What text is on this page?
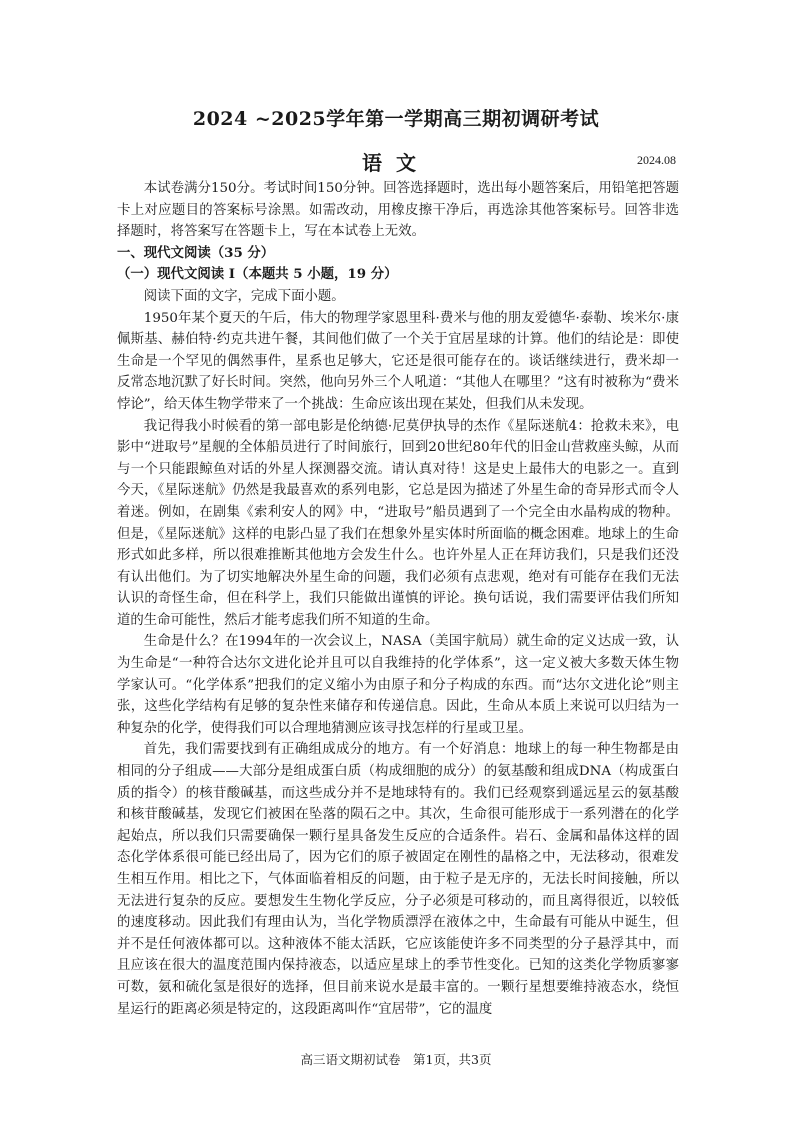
2024 ~2025学年第一学期高三期初调研考试
语文	2024.08

本试卷满分150分。考试时间150分钟。回答选择题时，选出每小题答案后，用铅笔把答题卡上对应题目的答案标号涂黑。如需改动，用橡皮擦干净后，再选涂其他答案标号。回答非选择题时，将答案写在答题卡上，写在本试卷上无效。

一、现代文阅读（35 分）
（一）现代文阅读 I（本题共 5 小题，19 分）

阅读下面的文字，完成下面小题。

1950年某个夏天的午后，伟大的物理学家恩里科·费米与他的朋友爱德华·泰勒、埃米尔·康佩斯基、赫伯特·约克共进午餐，其间他们做了一个关于宜居星球的计算。他们的结论是：即使生命是一个罕见的偶然事件，星系也足够大，它还是很可能存在的。谈话继续进行，费米却一反常态地沉默了好长时间。突然，他向另外三个人吼道：“其他人在哪里？”这有时被称为“费米悖论”，给天体生物学带来了一个挑战：生命应该出现在某处，但我们从未发现。

我记得我小时候看的第一部电影是伦纳德·尼莫伊执导的杰作《星际迷航4：抢救未来》，电影中“进取号”星舰的全体船员进行了时间旅行，回到20世纪80年代的旧金山营救座头鲸，从而与一个只能跟鲸鱼对话的外星人探测器交流。请认真对待！这是史上最伟大的电影之一。直到今天，《星际迷航》仍然是我最喜欢的系列电影，它总是因为描述了外星生命的奇异形式而令人着迷。例如，在剧集《索利安人的网》中，“进取号”船员遇到了一个完全由水晶构成的物种。但是，《星际迷航》这样的电影凸显了我们在想象外星实体时所面临的概念困难。地球上的生命形式如此多样，所以很难推断其他地方会发生什么。也许外星人正在拜访我们，只是我们还没有认出他们。为了切实地解决外星生命的问题，我们必须有点悲观，绝对有可能存在我们无法认识的奇怪生命，但在科学上，我们只能做出谨慎的评论。换句话说，我们需要评估我们所知道的生命可能性，然后才能考虑我们所不知道的生命。

生命是什么？在1994年的一次会议上，NASA（美国宇航局）就生命的定义达成一致，认为生命是“一种符合达尔文进化论并且可以自我维持的化学体系”，这一定义被大多数天体生物学家认可。“化学体系”把我们的定义缩小为由原子和分子构成的东西。而“达尔文进化论”则主张，这些化学结构有足够的复杂性来储存和传递信息。因此，生命从本质上来说可以归结为一种复杂的化学，使得我们可以合理地猜测应该寻找怎样的行星或卫星。

首先，我们需要找到有正确组成成分的地方。有一个好消息：地球上的每一种生物都是由相同的分子组成——大部分是组成蛋白质（构成细胞的成分）的氨基酸和组成DNA（构成蛋白质的指令）的核苷酸碱基，而这些成分并不是地球特有的。我们已经观察到遥远星云的氨基酸和核苷酸碱基，发现它们被困在坠落的陨石之中。其次，生命很可能形成于一系列潜在的化学起始点，所以我们只需要确保一颗行星具备发生反应的合适条件。岩石、金属和晶体这样的固态化学体系很可能已经出局了，因为它们的原子被固定在刚性的晶格之中，无法移动，很难发生相互作用。相比之下，气体面临着相反的问题，由于粒子是无序的，无法长时间接触，所以无法进行复杂的反应。要想发生生物化学反应，分子必须是可移动的，而且离得很近，以较低的速度移动。因此我们有理由认为，当化学物质漂浮在液体之中，生命最有可能从中诞生，但并不是任何液体都可以。这种液体不能太活跃，它应该能使许多不同类型的分子悬浮其中，而且应该在很大的温度范围内保持液态，以适应星球上的季节性变化。已知的这类化学物质寥寥可数，氨和硫化氢是很好的选择，但目前来说水是最丰富的。一颗行星想要维持液态水，绕恒星运行的距离必须是特定的，这段距离叫作“宜居带”，它的温度

高三语文期初试卷　第1页，共3页
